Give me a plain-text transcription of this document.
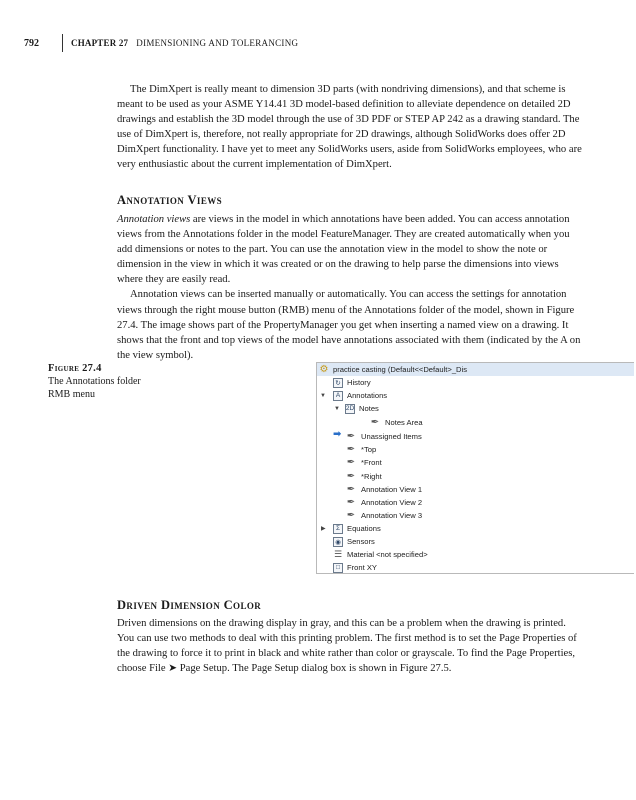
792	CHAPTER 27 DIMENSIONING AND TOLERANCING

The DimXpert is really meant to dimension 3D parts (with nondriving dimensions), and that scheme is meant to be used as your ASME Y14.41 3D model-based definition to alleviate dependence on detailed 2D drawings and establish the 3D model through the use of 3D PDF or STEP AP 242 as a drawing standard. The use of DimXpert is, therefore, not really appropriate for 2D drawings, although SolidWorks does offer 2D DimXpert functionality. I have yet to meet any SolidWorks users, aside from SolidWorks employees, who are very enthusiastic about the current implementation of DimXpert.

Annotation Views

Annotation views are views in the model in which annotations have been added. You can access annotation views from the Annotations folder in the model FeatureManager. They are created automatically when you add dimensions or notes to the part. You can use the annotation view in the model to show the note or dimension in the view in which it was created or on the drawing to help parse the dimensions into views where they are easily read.

Annotation views can be inserted manually or automatically. You can access the settings for annotation views through the right mouse button (RMB) menu of the Annotations folder of the model, shown in Figure 27.4. The image shows part of the PropertyManager you get when inserting a named view on a drawing. It shows that the front and top views of the model have annotations associated with them (indicated by the A on the view symbol).

Figure 27.4
The Annotations folder RMB menu
⚙ practice casting (Default<<Default>_Dis
↻ History
▼	A Annotations
▼ 2D Notes
✒ Notes Area
➡ ✒ Unassigned Items
✒ *Top
✒ *Front
✒ *Right
✒ Annotation View 1
✒ Annotation View 2
✒ Annotation View 3
▶	Σ Equations
◉ Sensors
☰ Material <not specified>
□ Front XY
Driven Dimension Color

Driven dimensions on the drawing display in gray, and this can be a problem when the drawing is printed. You can use two methods to deal with this printing problem. The first method is to set the Page Properties of the drawing to force it to print in black and white rather than color or grayscale. To find the Page Properties, choose File ➤ Page Setup. The Page Setup dialog box is shown in Figure 27.5.
